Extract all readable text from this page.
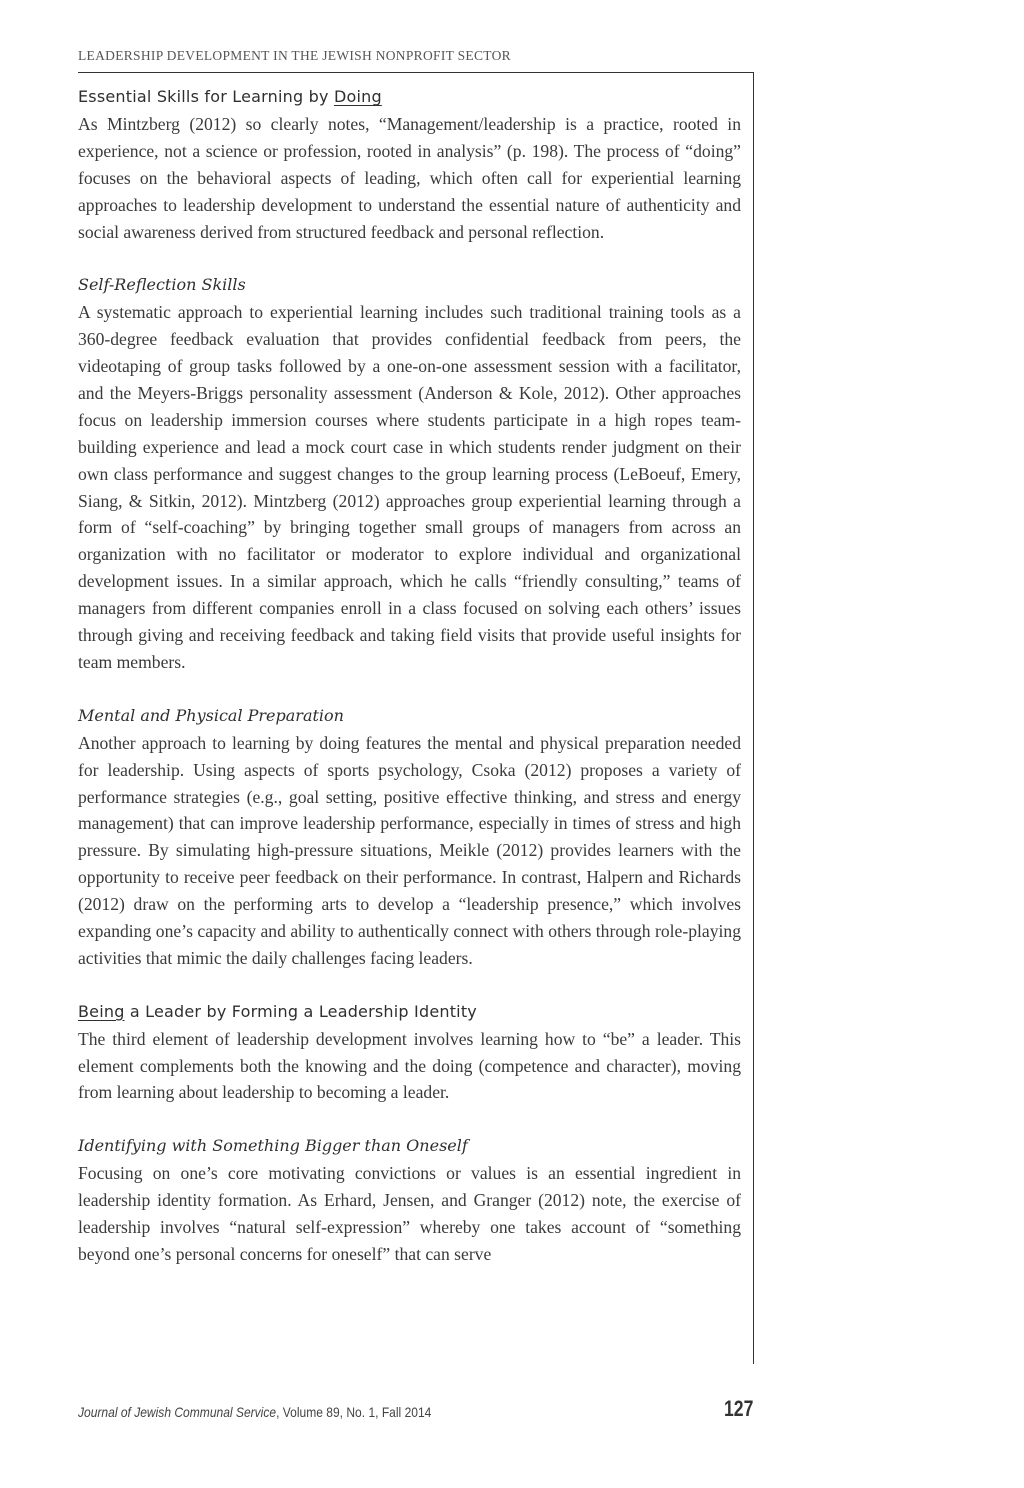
LEADERSHIP DEVELOPMENT IN THE JEWISH NONPROFIT SECTOR
Essential Skills for Learning by Doing

As Mintzberg (2012) so clearly notes, “Management/leadership is a practice, rooted in experience, not a science or profession, rooted in analysis” (p. 198). The process of “doing” focuses on the behavioral aspects of leading, which often call for experiential learning approaches to leadership development to understand the essential nature of authenticity and social awareness derived from structured feedback and personal reflection.

Self-Reflection Skills

A systematic approach to experiential learning includes such traditional training tools as a 360-degree feedback evaluation that provides confidential feedback from peers, the videotaping of group tasks followed by a one-on-one assessment session with a facilitator, and the Meyers-Briggs personality assessment (Anderson & Kole, 2012). Other approaches focus on leadership immersion courses where students participate in a high ropes team-building experience and lead a mock court case in which students render judgment on their own class performance and suggest changes to the group learning process (LeBoeuf, Emery, Siang, & Sitkin, 2012). Mintzberg (2012) approaches group experiential learning through a form of “self-coaching” by bringing together small groups of managers from across an organization with no facilitator or moderator to explore individual and organizational development issues. In a similar approach, which he calls “friendly consulting,” teams of managers from different companies enroll in a class focused on solving each others’ issues through giving and receiving feedback and taking field visits that provide useful insights for team members.

Mental and Physical Preparation

Another approach to learning by doing features the mental and physical preparation needed for leadership. Using aspects of sports psychology, Csoka (2012) proposes a variety of performance strategies (e.g., goal setting, positive effective thinking, and stress and energy management) that can improve leadership performance, especially in times of stress and high pressure. By simulating high-pressure situations, Meikle (2012) provides learners with the opportunity to receive peer feedback on their performance. In contrast, Halpern and Richards (2012) draw on the performing arts to develop a “leadership presence,” which involves expanding one’s capacity and ability to authentically connect with others through role-playing activities that mimic the daily challenges facing leaders.

Being a Leader by Forming a Leadership Identity

The third element of leadership development involves learning how to “be” a leader. This element complements both the knowing and the doing (competence and character), moving from learning about leadership to becoming a leader.

Identifying with Something Bigger than Oneself

Focusing on one’s core motivating convictions or values is an essential ingredient in leadership identity formation. As Erhard, Jensen, and Granger (2012) note, the exercise of leadership involves “natural self-expression” whereby one takes account of “something beyond one’s personal concerns for oneself” that can serve

Journal of Jewish Communal Service, Volume 89, No. 1, Fall 2014	127
